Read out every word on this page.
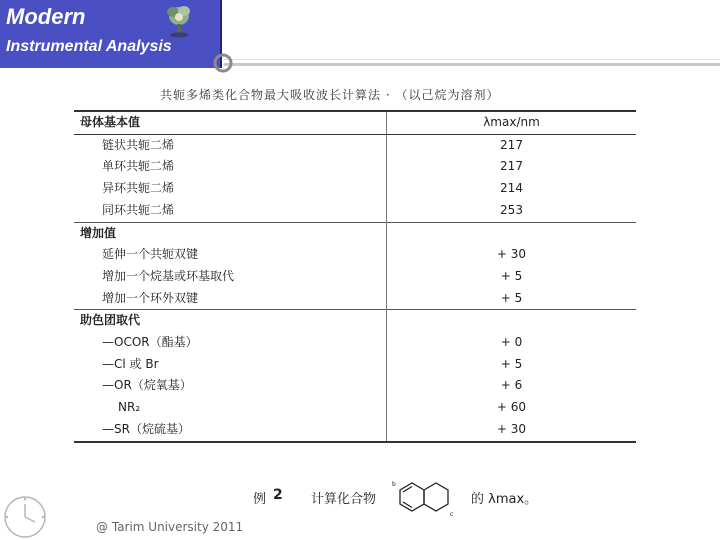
Modern
Instrumental Analysis
共轭多烯类化合物最大吸收波长计算法 · （以己烷为溶剂）
母体基本值	λmax/nm
链状共轭二烯	217
单环共轭二烯	217
异环共轭二烯	214
同环共轭二烯	253
增加值	
延伸一个共轭双键	+ 30
增加一个烷基或环基取代	+ 5
增加一个环外双键	+ 5
助色团取代	
—OCOR（酯基）	+ 0
—Cl 或 Br	+ 5
—OR（烷氧基）	+ 6
NR₂	+ 60
—SR（烷硫基）	+ 30
例 2 计算化合物	的 λmax。
c
b
@ Tarim University 2011
